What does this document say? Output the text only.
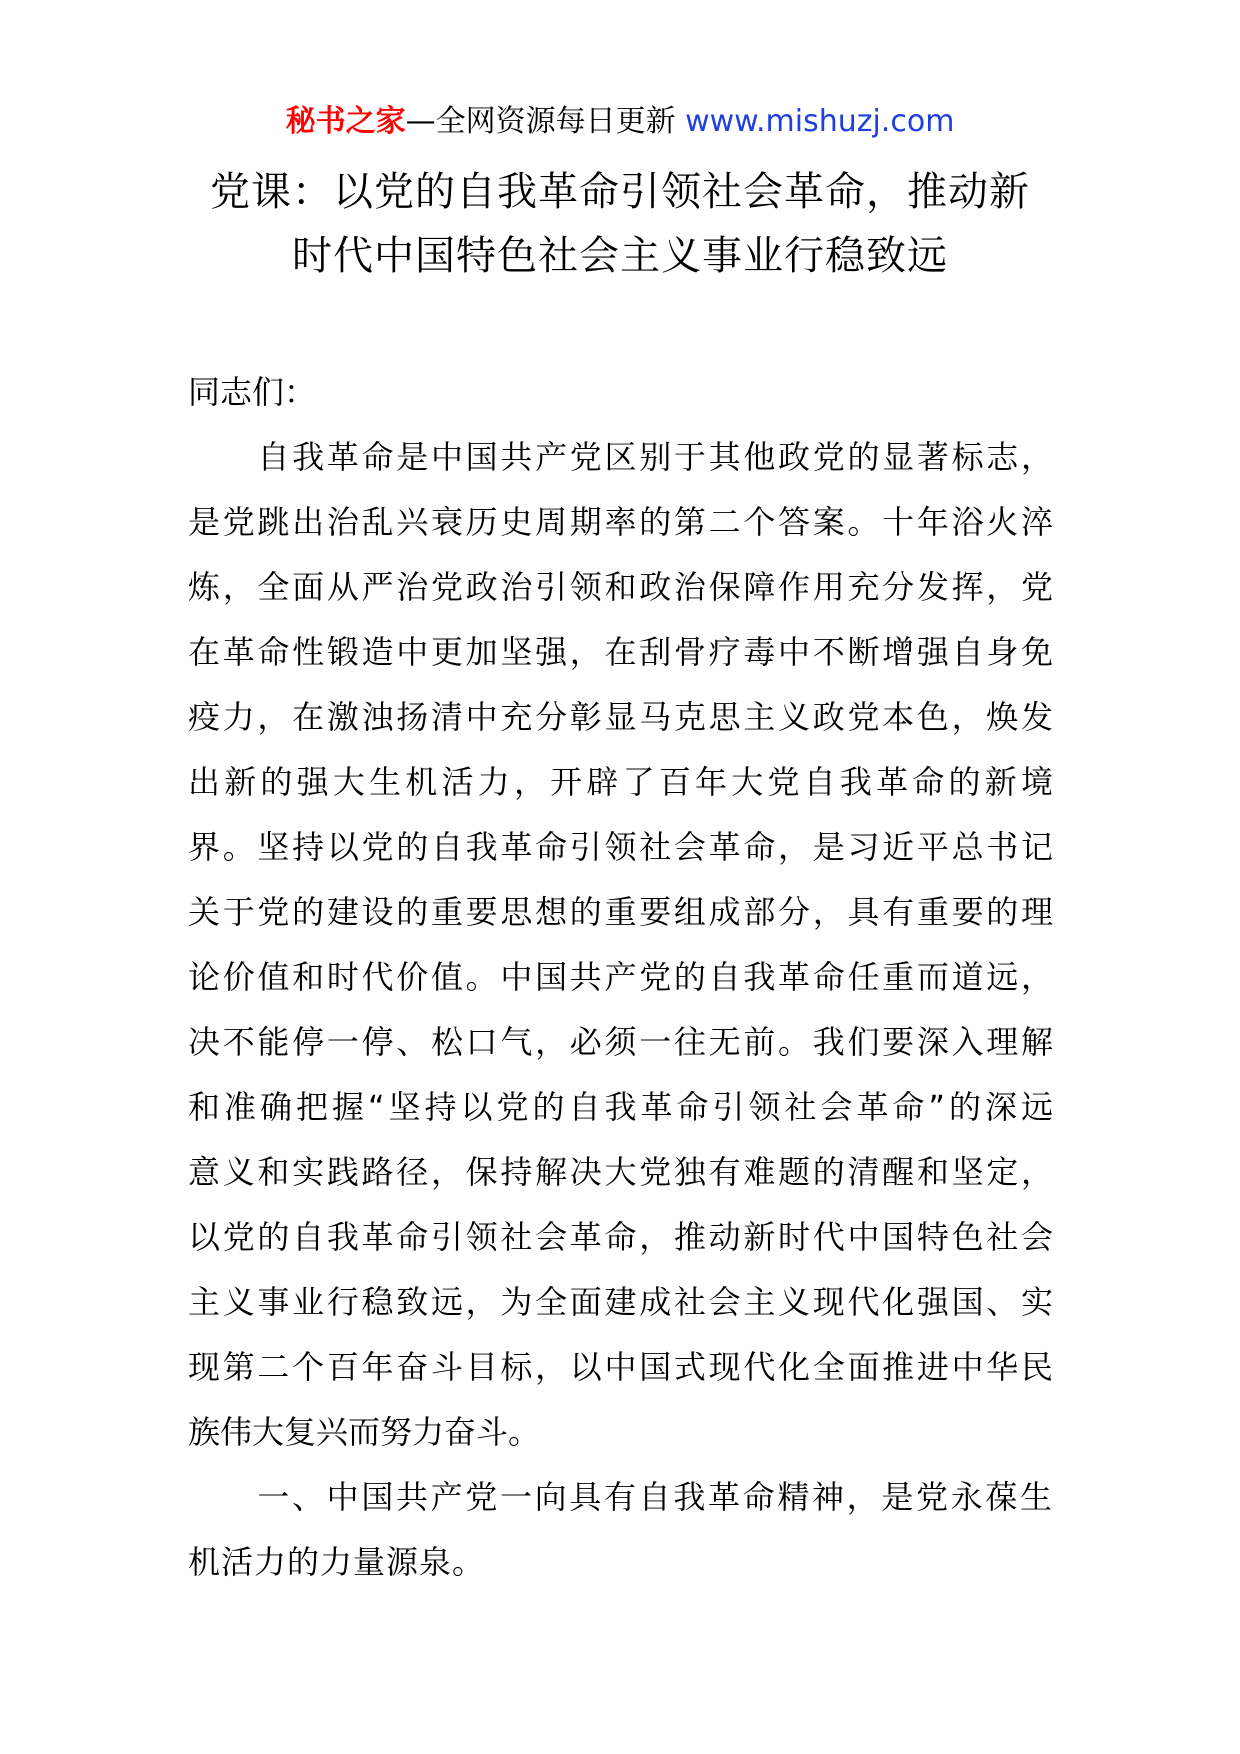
秘书之家—全网资源每日更新 www.mishuzj.com
党课：以党的自我革命引领社会革命，推动新
时代中国特色社会主义事业行稳致远

同志们：

　　自我革命是中国共产党区别于其他政党的显著标志，
是党跳出治乱兴衰历史周期率的第二个答案。十年浴火淬
炼，全面从严治党政治引领和政治保障作用充分发挥，党
在革命性锻造中更加坚强，在刮骨疗毒中不断增强自身免
疫力，在激浊扬清中充分彰显马克思主义政党本色，焕发
出新的强大生机活力，开辟了百年大党自我革命的新境
界。坚持以党的自我革命引领社会革命，是习近平总书记
关于党的建设的重要思想的重要组成部分，具有重要的理
论价值和时代价值。中国共产党的自我革命任重而道远，
决不能停一停、松口气，必须一往无前。我们要深入理解
和准确把握“坚持以党的自我革命引领社会革命”的深远
意义和实践路径，保持解决大党独有难题的清醒和坚定，
以党的自我革命引领社会革命，推动新时代中国特色社会
主义事业行稳致远，为全面建成社会主义现代化强国、实
现第二个百年奋斗目标，以中国式现代化全面推进中华民
族伟大复兴而努力奋斗。
　　一、中国共产党一向具有自我革命精神，是党永葆生
机活力的力量源泉。
